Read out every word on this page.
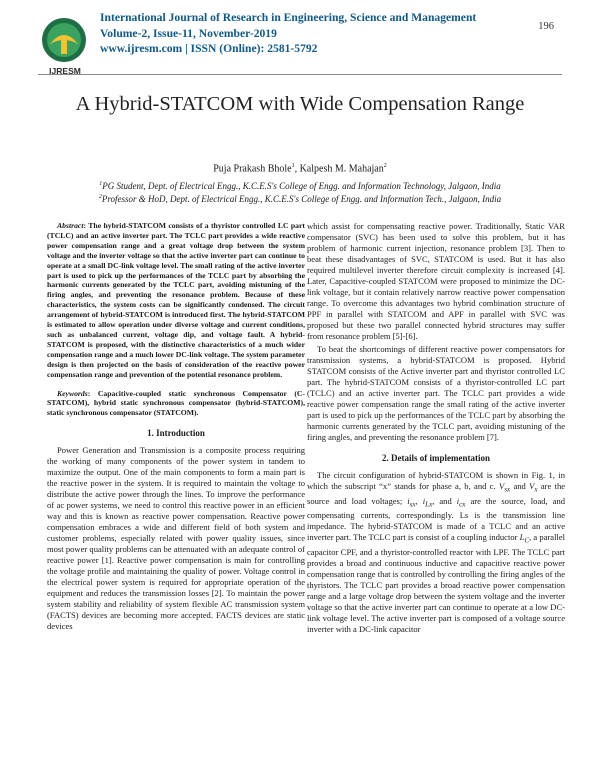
IJRESM
International Journal of Research in Engineering, Science and Management
Volume-2, Issue-11, November-2019
www.ijresm.com | ISSN (Online): 2581-5792
196
A Hybrid-STATCOM with Wide Compensation Range
Puja Prakash Bhole$^1$, Kalpesh M. Mahajan$^2$
$^1$PG Student, Dept. of Electrical Engg., K.C.E.S's College of Engg. and Information Technology, Jalgaon, India
$^2$Professor & HoD, Dept. of Electrical Engg., K.C.E.S's College of Engg. and Information Tech., Jalgaon, India

Abstract: The hybrid-STATCOM consists of a thyristor controlled LC part (TCLC) and an active inverter part. The TCLC part provides a wide reactive power compensation range and a great voltage drop between the system voltage and the inverter voltage so that the active inverter part can continue to operate at a small DC-link voltage level. The small rating of the active inverter part is used to pick up the performances of the TCLC part by absorbing the harmonic currents generated by the TCLC part, avoiding mistuning of the firing angles, and preventing the resonance problem. Because of these characteristics, the system costs can be significantly condensed. The circuit arrangement of hybrid-STATCOM is introduced first. The hybrid-STATCOM is estimated to allow operation under diverse voltage and current conditions, such as unbalanced current, voltage dip, and voltage fault. A hybrid-STATCOM is proposed, with the distinctive characteristics of a much wider compensation range and a much lower DC-link voltage. The system parameter design is then projected on the basis of consideration of the reactive power compensation range and prevention of the potential resonance problem.

Keywords: Capacitive-coupled static synchronous Compensator (C-STATCOM), hybrid static synchronous compensator (hybrid-STATCOM), static synchronous compensator (STATCOM).

1. Introduction

Power Generation and Transmission is a composite process requiring the working of many components of the power system in tandem to maximize the output. One of the main components to form a main part is the reactive power in the system. It is required to maintain the voltage to distribute the active power through the lines. To improve the performance of ac power systems, we need to control this reactive power in an efficient way and this is known as reactive power compensation. Reactive power compensation embraces a wide and different field of both system and customer problems, especially related with power quality issues, since most power quality problems can be attenuated with an adequate control of reactive power [1]. Reactive power compensation is main for controlling the voltage profile and maintaining the quality of power. Voltage control in the electrical power system is required for appropriate operation of the equipment and reduces the transmission losses [2]. To maintain the power system stability and reliability of system flexible AC transmission system (FACTS) devices are becoming more accepted. FACTS devices are static devices

which assist for compensating reactive power. Traditionally, Static VAR compensator (SVC) has been used to solve this problem, but it has problem of harmonic current injection, resonance problem [3]. Then to beat these disadvantages of SVC, STATCOM is used. But it has also required multilevel inverter therefore circuit complexity is increased [4]. Later, Capacitive-coupled STATCOM were proposed to minimize the DC-link voltage, but it contain relatively narrow reactive power compensation range. To overcome this advantages two hybrid combination structure of PPF in parallel with STATCOM and APF in parallel with SVC was proposed but these two parallel connected hybrid structures may suffer from resonance problem [5]-[6].

To beat the shortcomings of different reactive power compensators for transmission systems, a hybrid-STATCOM is proposed. Hybrid STATCOM consists of the Active inverter part and thyristor controlled LC part. The hybrid-STATCOM consists of a thyristor-controlled LC part (TCLC) and an active inverter part. The TCLC part provides a wide reactive power compensation range the small rating of the active inverter part is used to pick up the performances of the TCLC part by absorbing the harmonic currents generated by the TCLC part, avoiding mistuning of the firing angles, and preventing the resonance problem [7].

2. Details of implementation

The circuit configuration of hybrid-STATCOM is shown in Fig. 1, in which the subscript “x” stands for phase a, b, and c. $V_{sx}$ and $V_x$ are the source and load voltages; $i_{sx}$, $i_{Lx}$, and $i_{cx}$ are the source, load, and compensating currents, correspondingly. Ls is the transmission line impedance. The hybrid-STATCOM is made of a TCLC and an active inverter part. The TCLC part is consist of a coupling inductor $L_C$, a parallel capacitor CPF, and a thyristor-controlled reactor with LPF. The TCLC part provides a broad and continuous inductive and capacitive reactive power compensation range that is controlled by controlling the firing angles of the thyristors. The TCLC part provides a broad reactive power compensation range and a large voltage drop between the system voltage and the inverter voltage so that the active inverter part can continue to operate at a low DC-link voltage level. The active inverter part is composed of a voltage source inverter with a DC-link capacitor
